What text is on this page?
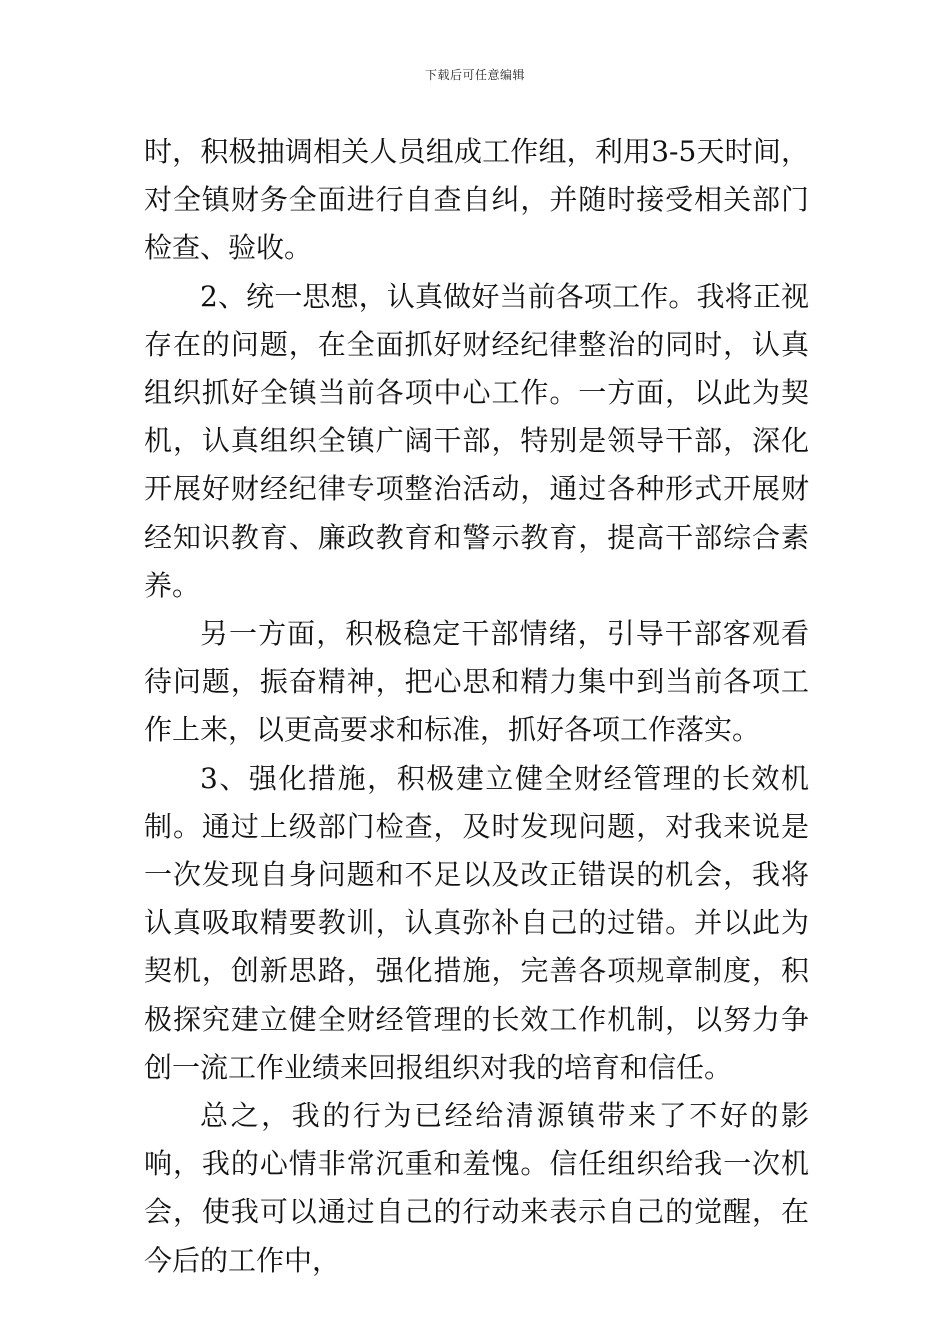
下载后可任意编辑

时，积极抽调相关人员组成工作组，利用3-5天时间，对全镇财务全面进行自查自纠，并随时接受相关部门检查、验收。

2、统一思想，认真做好当前各项工作。我将正视存在的问题，在全面抓好财经纪律整治的同时，认真组织抓好全镇当前各项中心工作。一方面，以此为契机，认真组织全镇广阔干部，特别是领导干部，深化开展好财经纪律专项整治活动，通过各种形式开展财经知识教育、廉政教育和警示教育，提高干部综合素养。

另一方面，积极稳定干部情绪，引导干部客观看待问题，振奋精神，把心思和精力集中到当前各项工作上来，以更高要求和标准，抓好各项工作落实。

3、强化措施，积极建立健全财经管理的长效机制。通过上级部门检查，及时发现问题，对我来说是一次发现自身问题和不足以及改正错误的机会，我将认真吸取精要教训，认真弥补自己的过错。并以此为契机，创新思路，强化措施，完善各项规章制度，积极探究建立健全财经管理的长效工作机制，以努力争创一流工作业绩来回报组织对我的培育和信任。

总之，我的行为已经给清源镇带来了不好的影响，我的心情非常沉重和羞愧。信任组织给我一次机会，使我可以通过自己的行动来表示自己的觉醒，在今后的工作中，
